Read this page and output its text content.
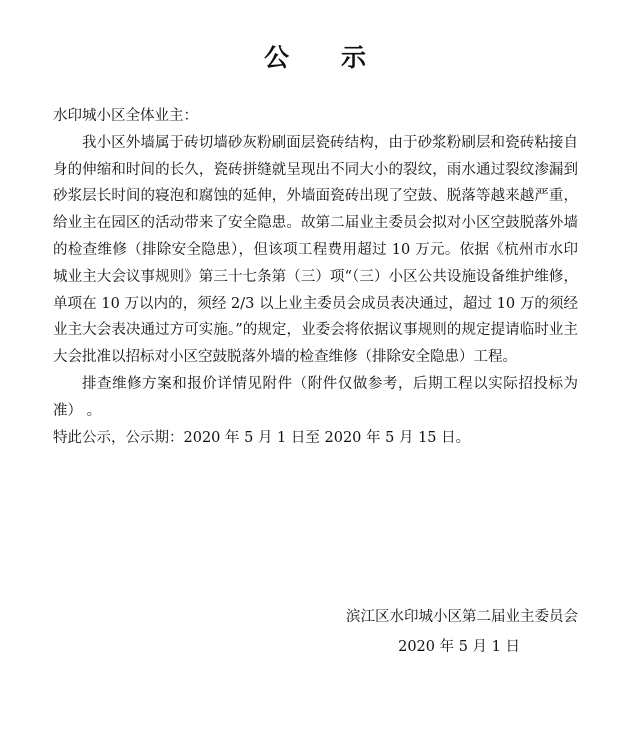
公示

水印城小区全体业主：

我小区外墙属于砖切墙砂灰粉刷面层瓷砖结构，由于砂浆粉刷层和瓷砖粘接自身的伸缩和时间的长久，瓷砖拼缝就呈现出不同大小的裂纹，雨水通过裂纹渗漏到砂浆层长时间的寝泡和腐蚀的延伸，外墙面瓷砖出现了空鼓、脱落等越来越严重，给业主在园区的活动带来了安全隐患。故第二届业主委员会拟对小区空鼓脱落外墙的检查维修（排除安全隐患），但该项工程费用超过 10 万元。依据《杭州市水印城业主大会议事规则》第三十七条第（三）项“（三）小区公共设施设备维护维修，单项在 10 万以内的，须经 2/3 以上业主委员会成员表决通过，超过 10 万的须经业主大会表决通过方可实施。”的规定，业委会将依据议事规则的规定提请临时业主大会批准以招标对小区空鼓脱落外墙的检查维修（排除安全隐患）工程。

排查维修方案和报价详情见附件（附件仅做参考，后期工程以实际招投标为准） 。

特此公示，公示期：2020 年 5 月 1 日至 2020 年 5 月 15 日。

滨江区水印城小区第二届业主委员会
2020 年 5 月 1 日
